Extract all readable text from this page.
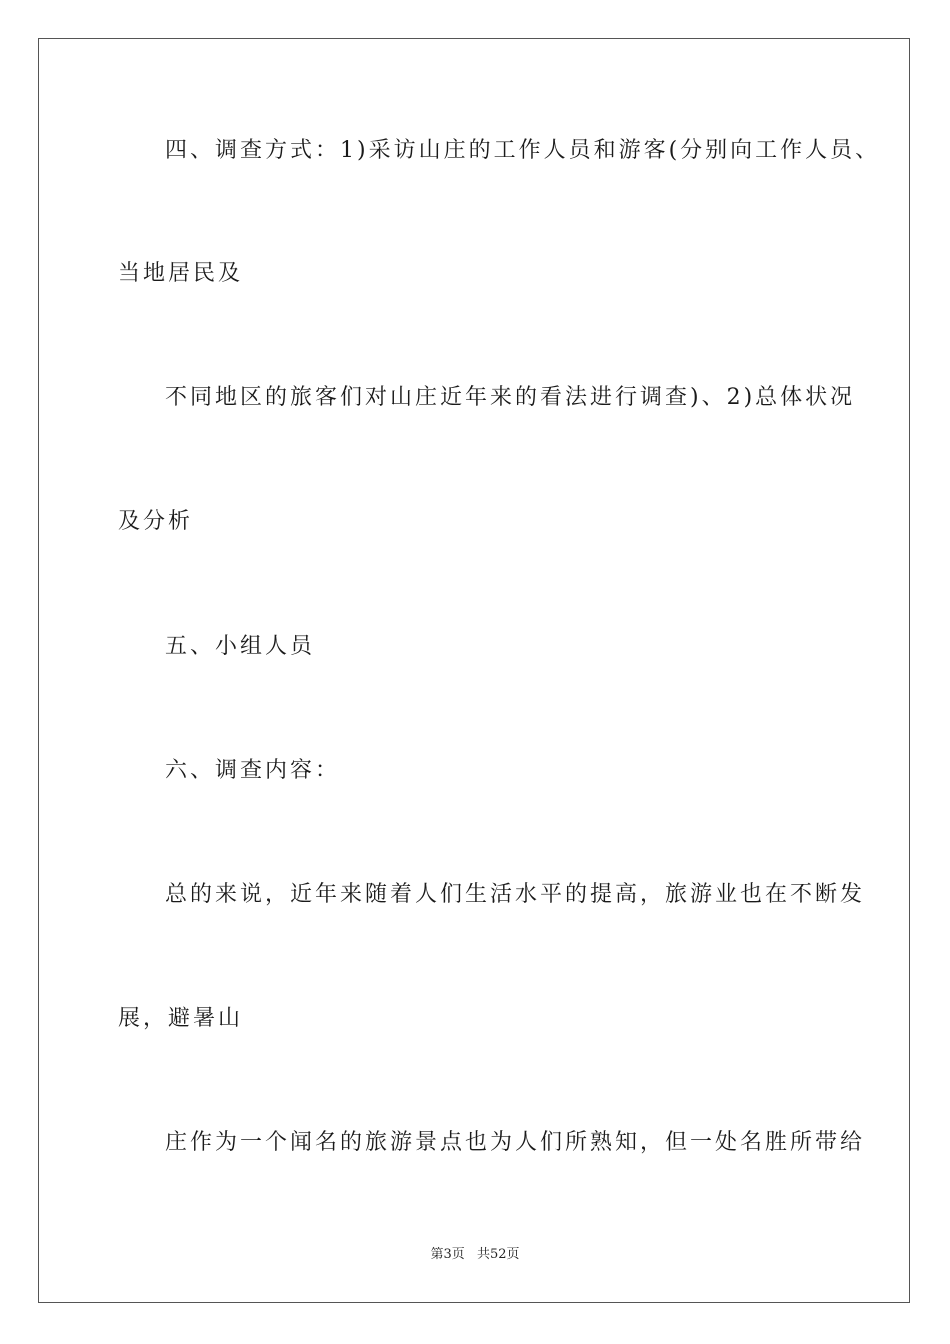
四、调查方式：1)采访山庄的工作人员和游客(分别向工作人员、
当地居民及
不同地区的旅客们对山庄近年来的看法进行调查)、2)总体状况
及分析
五、小组人员
六、调查内容：
总的来说，近年来随着人们生活水平的提高，旅游业也在不断发
展，避暑山
庄作为一个闻名的旅游景点也为人们所熟知，但一处名胜所带给
第3页 共52页
